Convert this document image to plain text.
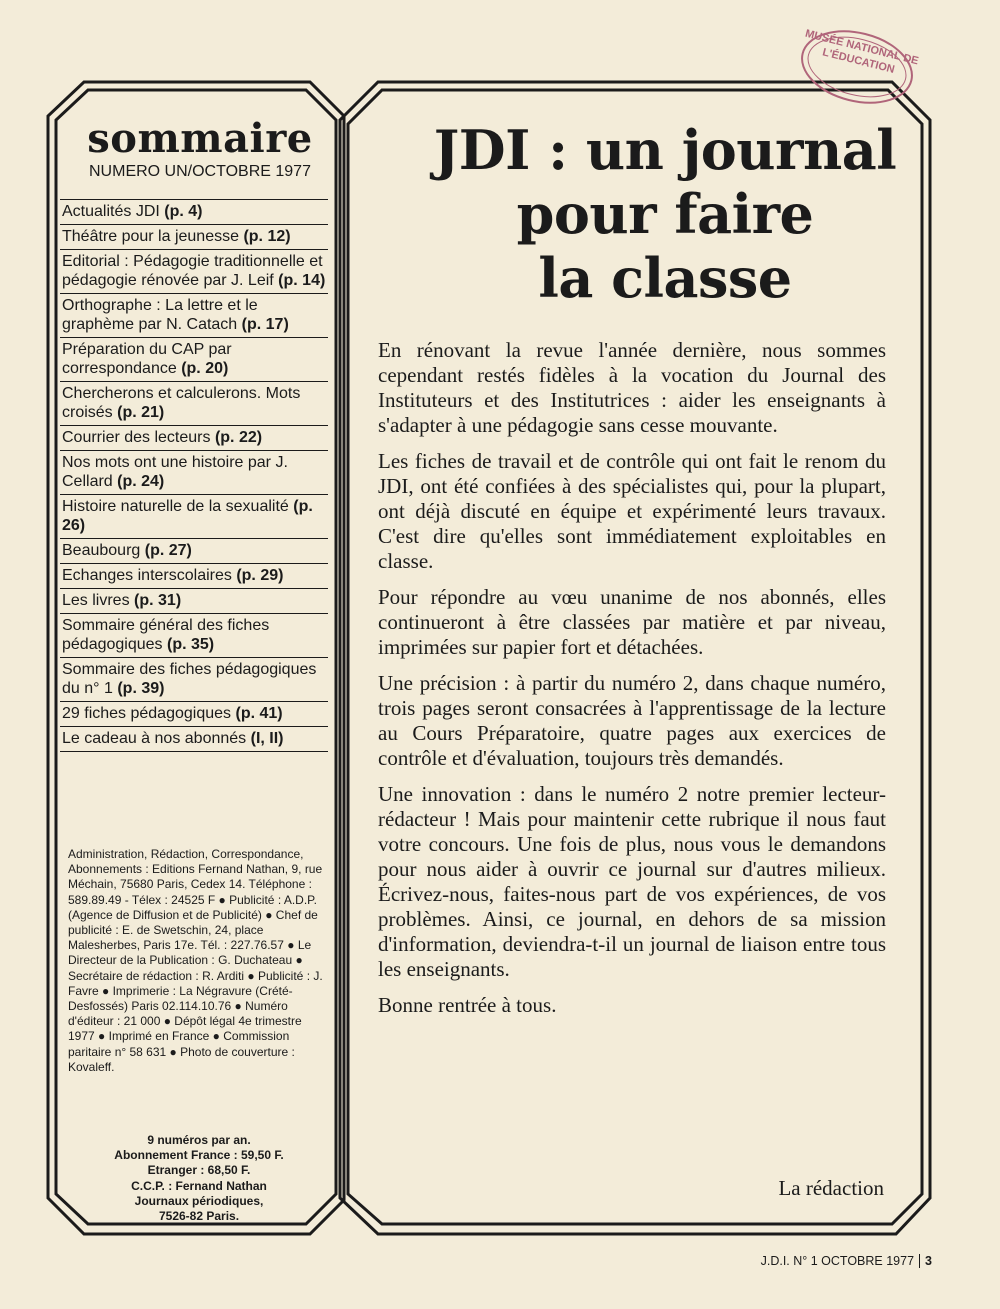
MUSÉE NATIONAL DE L'ÉDUCATION
sommaire
NUMERO UN/OCTOBRE 1977
Actualités JDI (p. 4)
Théâtre pour la jeunesse (p. 12)
Editorial : Pédagogie traditionnelle et pédagogie rénovée par J. Leif (p. 14)
Orthographe : La lettre et le graphème par N. Catach (p. 17)
Préparation du CAP par correspondance (p. 20)
Chercherons et calculerons. Mots croisés (p. 21)
Courrier des lecteurs (p. 22)
Nos mots ont une histoire par J. Cellard (p. 24)
Histoire naturelle de la sexualité (p. 26)
Beaubourg (p. 27)
Echanges interscolaires (p. 29)
Les livres (p. 31)
Sommaire général des fiches pédagogiques (p. 35)
Sommaire des fiches pédagogiques du n° 1 (p. 39)
29 fiches pédagogiques (p. 41)
Le cadeau à nos abonnés (I, II)
Administration, Rédaction, Correspondance, Abonnements : Editions Fernand Nathan, 9, rue Méchain, 75680 Paris, Cedex 14. Téléphone : 589.89.49 - Télex : 24525 F ● Publicité : A.D.P. (Agence de Diffusion et de Publicité) ● Chef de publicité : E. de Swetschin, 24, place Malesherbes, Paris 17e. Tél. : 227.76.57 ● Le Directeur de la Publication : G. Duchateau ● Secrétaire de rédaction : R. Arditi ● Publicité : J. Favre ● Imprimerie : La Négravure (Crété-Desfossés) Paris 02.114.10.76 ● Numéro d'éditeur : 21 000 ● Dépôt légal 4e trimestre 1977 ● Imprimé en France ● Commission paritaire n° 58 631 ● Photo de couverture : Kovaleff.
9 numéros par an.
Abonnement France : 59,50 F.
Etranger : 68,50 F.
C.C.P. : Fernand Nathan
Journaux périodiques,
7526-82 Paris.
JDI : un journal
pour faire
la classe

En rénovant la revue l'année dernière, nous sommes cependant restés fidèles à la vocation du Journal des Instituteurs et des Institutrices : aider les enseignants à s'adapter à une pédagogie sans cesse mouvante.

Les fiches de travail et de contrôle qui ont fait le renom du JDI, ont été confiées à des spécialistes qui, pour la plupart, ont déjà discuté en équipe et expérimenté leurs travaux. C'est dire qu'elles sont immédiatement exploitables en classe.

Pour répondre au vœu unanime de nos abonnés, elles continueront à être classées par matière et par niveau, imprimées sur papier fort et détachées.

Une précision : à partir du numéro 2, dans chaque numéro, trois pages seront consacrées à l'apprentissage de la lecture au Cours Préparatoire, quatre pages aux exercices de contrôle et d'évaluation, toujours très demandés.

Une innovation : dans le numéro 2 notre premier lecteur-rédacteur ! Mais pour maintenir cette rubrique il nous faut votre concours. Une fois de plus, nous vous le demandons pour nous aider à ouvrir ce journal sur d'autres milieux. Écrivez-nous, faites-nous part de vos expériences, de vos problèmes. Ainsi, ce journal, en dehors de sa mission d'information, deviendra-t-il un journal de liaison entre tous les enseignants.

Bonne rentrée à tous.

La rédaction
J.D.I. N° 1 OCTOBRE 1977 3
